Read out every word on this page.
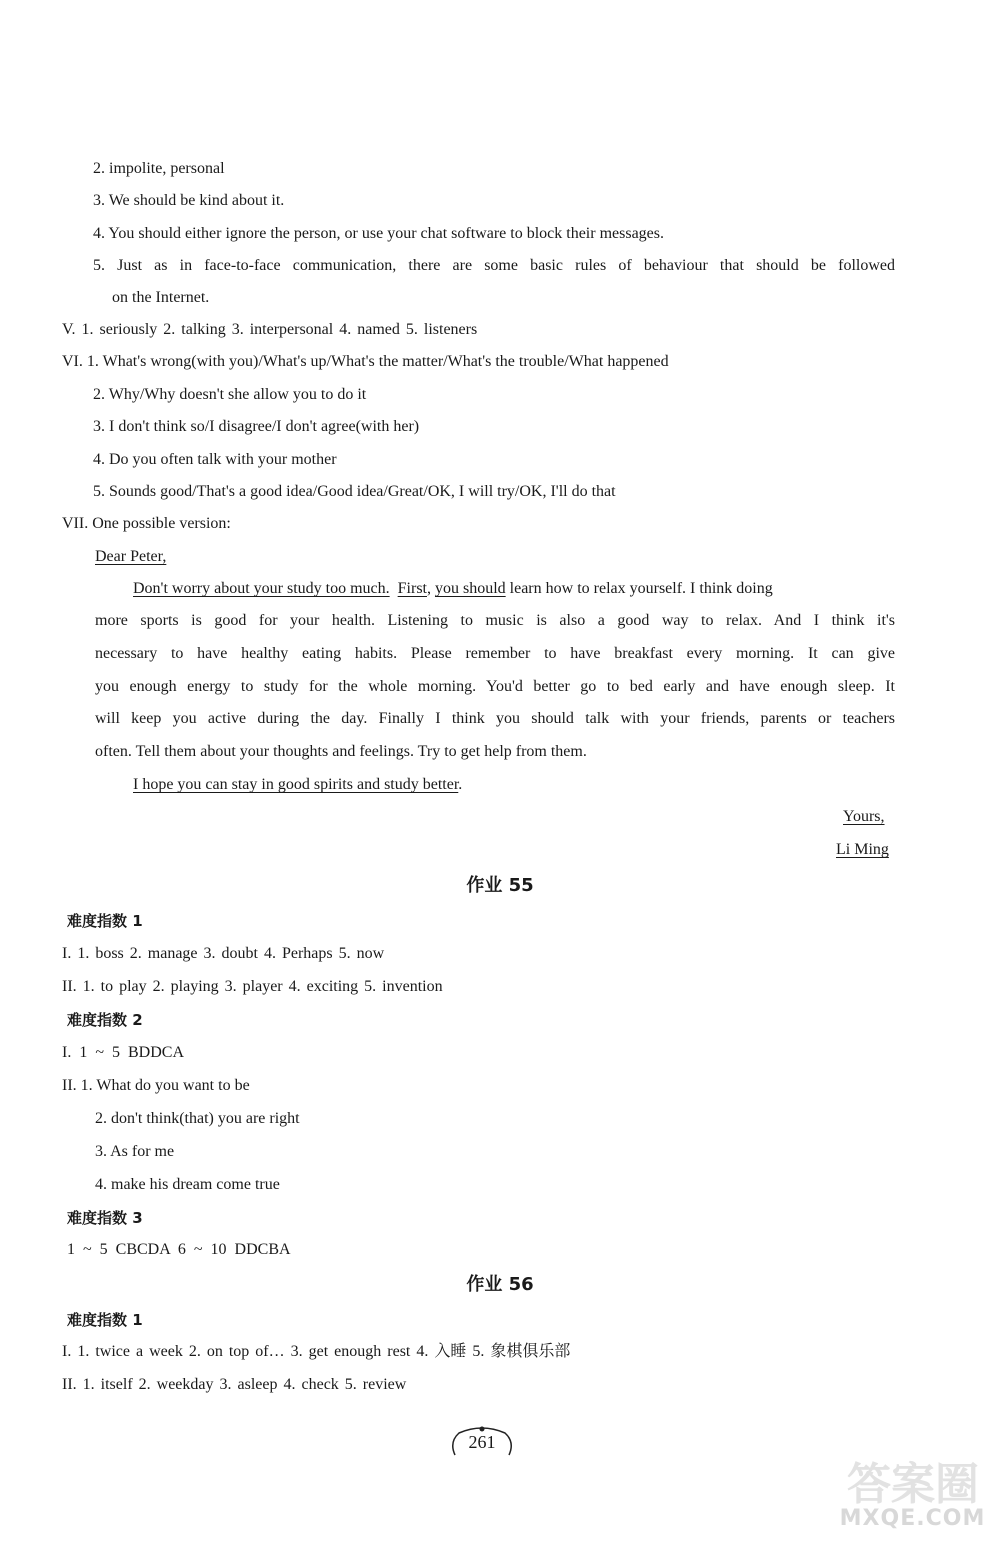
2. impolite, personal
3. We should be kind about it.
4. You should either ignore the person, or use your chat software to block their messages.
5. Just as in face-to-face communication, there are some basic rules of behaviour that should be followed
on the Internet.
V. 1. seriously 2. talking 3. interpersonal 4. named 5. listeners
VI. 1. What's wrong(with you)/What's up/What's the matter/What's the trouble/What happened
2. Why/Why doesn't she allow you to do it
3. I don't think so/I disagree/I don't agree(with her)
4. Do you often talk with your mother
5. Sounds good/That's a good idea/Good idea/Great/OK, I will try/OK, I'll do that
VII. One possible version:
Dear Peter,
Don't worry about your study too much. First, you should learn how to relax yourself. I think doing
more sports is good for your health. Listening to music is also a good way to relax. And I think it's
necessary to have healthy eating habits. Please remember to have breakfast every morning. It can give
you enough energy to study for the whole morning. You'd better go to bed early and have enough sleep. It
will keep you active during the day. Finally I think you should talk with your friends, parents or teachers
often. Tell them about your thoughts and feelings. Try to get help from them.
I hope you can stay in good spirits and study better.
Yours,
Li Ming
作业 55
难度指数 1
I. 1. boss 2. manage 3. doubt 4. Perhaps 5. now
II. 1. to play 2. playing 3. player 4. exciting 5. invention
难度指数 2
I. 1 ~ 5 BDDCA
II. 1. What do you want to be
2. don't think(that) you are right
3. As for me
4. make his dream come true
难度指数 3
1 ~ 5 CBCDA 6 ~ 10 DDCBA
作业 56
难度指数 1
I. 1. twice a week 2. on top of… 3. get enough rest 4. 入睡 5. 象棋俱乐部
II. 1. itself 2. weekday 3. asleep 4. check 5. review
261
答案圈
MXQE.COM
